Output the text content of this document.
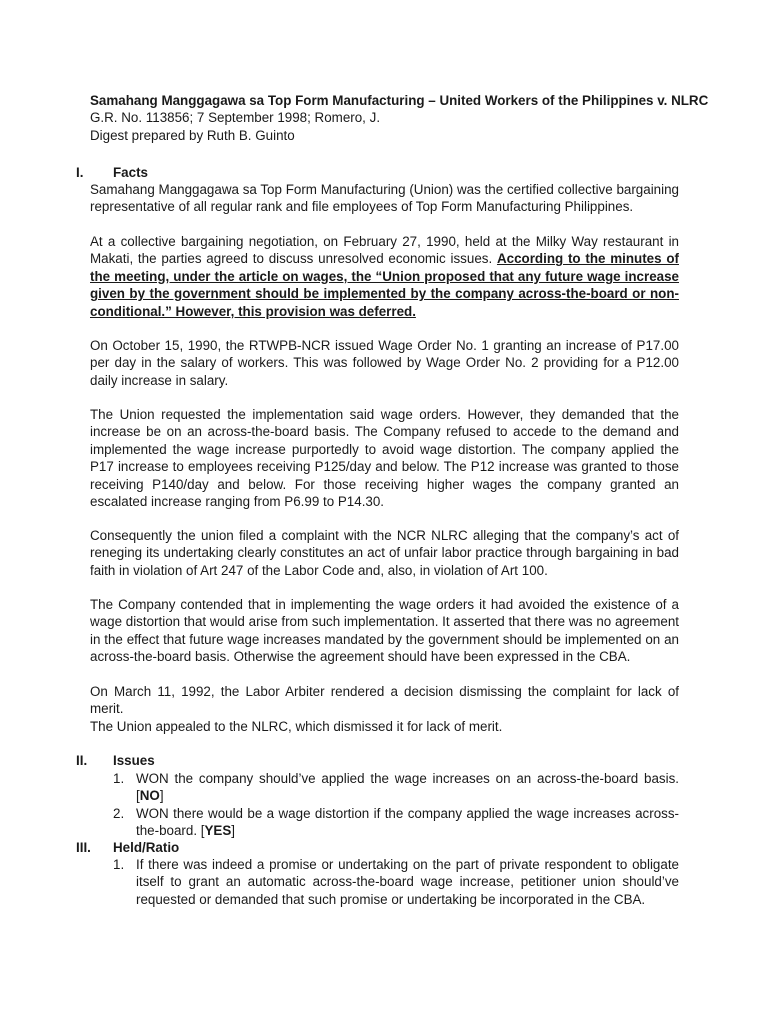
Samahang Manggagawa sa Top Form Manufacturing – United Workers of the Philippines v. NLRC
G.R. No. 113856; 7 September 1998; Romero, J.
Digest prepared by Ruth B. Guinto
I. Facts

Samahang Manggagawa sa Top Form Manufacturing (Union) was the certified collective bargaining representative of all regular rank and file employees of Top Form Manufacturing Philippines.

At a collective bargaining negotiation, on February 27, 1990, held at the Milky Way restaurant in Makati, the parties agreed to discuss unresolved economic issues. According to the minutes of the meeting, under the article on wages, the “Union proposed that any future wage increase given by the government should be implemented by the company across-the-board or non-conditional.” However, this provision was deferred.

On October 15, 1990, the RTWPB-NCR issued Wage Order No. 1 granting an increase of P17.00 per day in the salary of workers. This was followed by Wage Order No. 2 providing for a P12.00 daily increase in salary.

The Union requested the implementation said wage orders. However, they demanded that the increase be on an across-the-board basis. The Company refused to accede to the demand and implemented the wage increase purportedly to avoid wage distortion. The company applied the P17 increase to employees receiving P125/day and below. The P12 increase was granted to those receiving P140/day and below. For those receiving higher wages the company granted an escalated increase ranging from P6.99 to P14.30.

Consequently the union filed a complaint with the NCR NLRC alleging that the company’s act of reneging its undertaking clearly constitutes an act of unfair labor practice through bargaining in bad faith in violation of Art 247 of the Labor Code and, also, in violation of Art 100.

The Company contended that in implementing the wage orders it had avoided the existence of a wage distortion that would arise from such implementation. It asserted that there was no agreement in the effect that future wage increases mandated by the government should be implemented on an across-the-board basis. Otherwise the agreement should have been expressed in the CBA.

On March 11, 1992, the Labor Arbiter rendered a decision dismissing the complaint for lack of merit.

The Union appealed to the NLRC, which dismissed it for lack of merit.

II. Issues
1. WON the company should’ve applied the wage increases on an across-the-board basis. [NO]
2. WON there would be a wage distortion if the company applied the wage increases across-the-board. [YES]
III. Held/Ratio
1. If there was indeed a promise or undertaking on the part of private respondent to obligate itself to grant an automatic across-the-board wage increase, petitioner union should’ve requested or demanded that such promise or undertaking be incorporated in the CBA.
